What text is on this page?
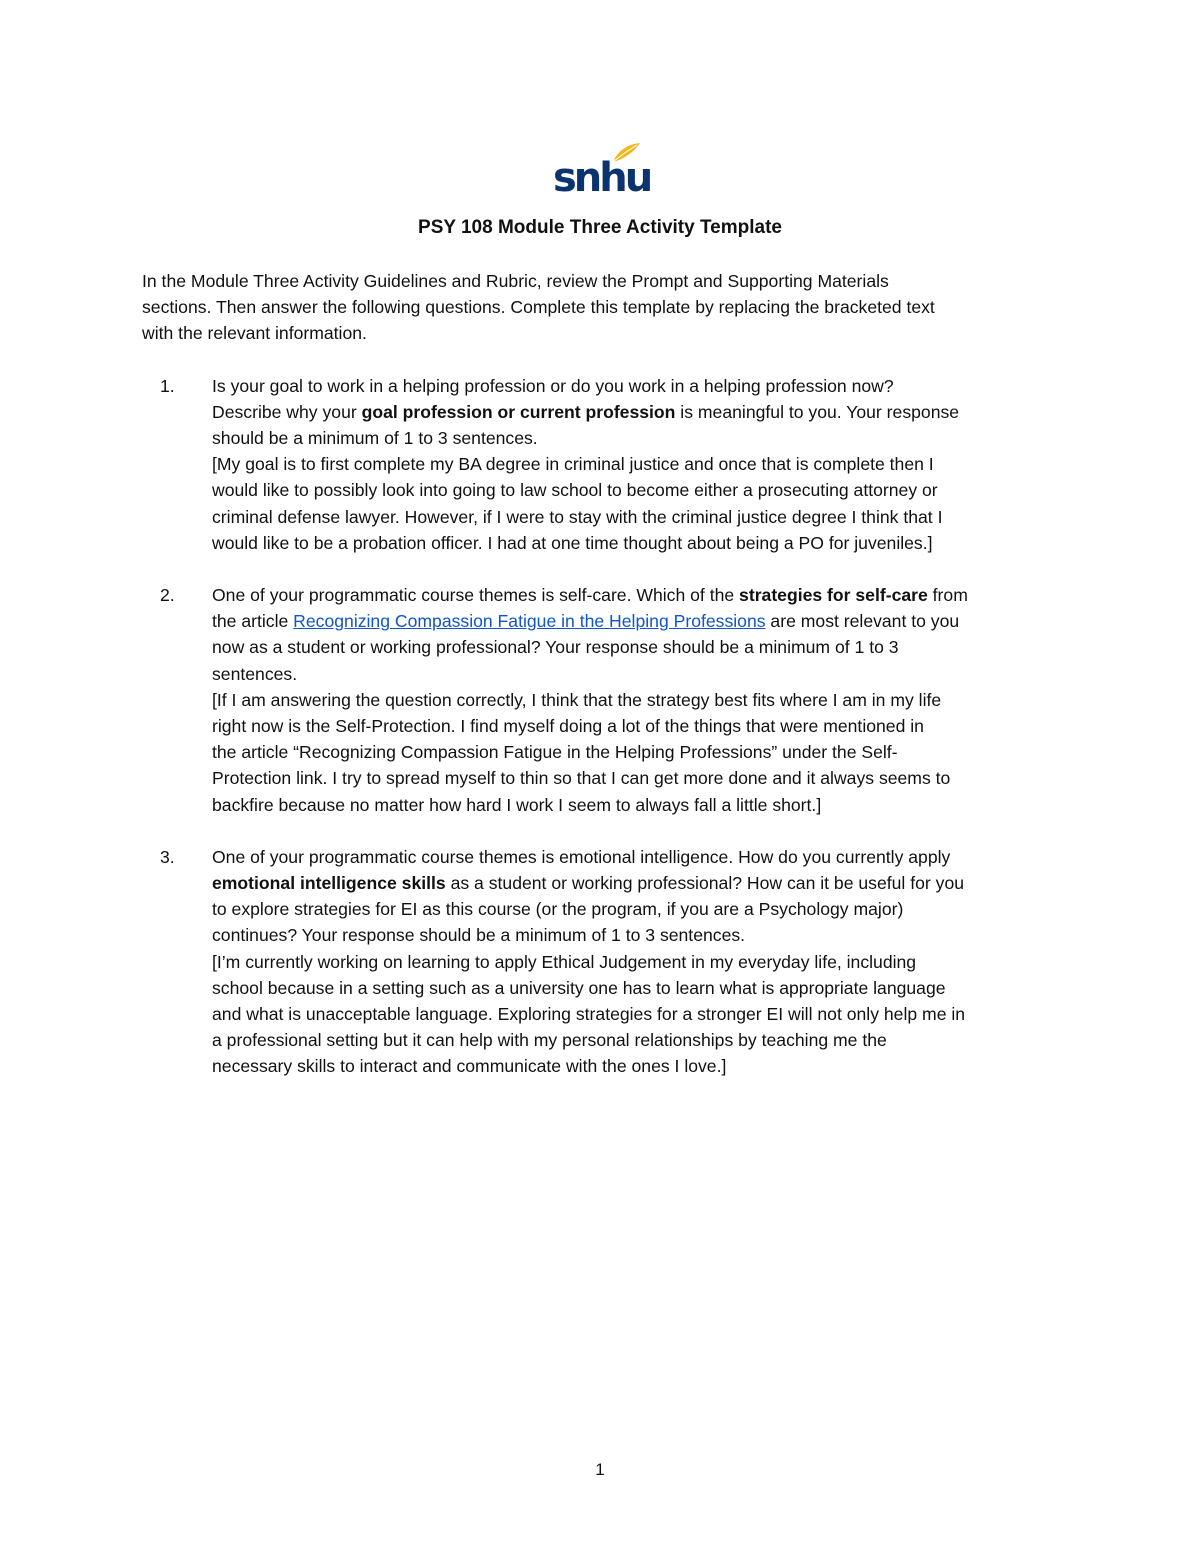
snhu
PSY 108 Module Three Activity Template

In the Module Three Activity Guidelines and Rubric, review the Prompt and Supporting Materials
sections. Then answer the following questions. Complete this template by replacing the bracketed text
with the relevant information.

1. Is your goal to work in a helping profession or do you work in a helping profession now?
Describe why your goal profession or current profession is meaningful to you. Your response
should be a minimum of 1 to 3 sentences.
[My goal is to first complete my BA degree in criminal justice and once that is complete then I
would like to possibly look into going to law school to become either a prosecuting attorney or
criminal defense lawyer. However, if I were to stay with the criminal justice degree I think that I
would like to be a probation officer. I had at one time thought about being a PO for juveniles.]
2. One of your programmatic course themes is self-care. Which of the strategies for self-care from
the article Recognizing Compassion Fatigue in the Helping Professions are most relevant to you
now as a student or working professional? Your response should be a minimum of 1 to 3
sentences.
[If I am answering the question correctly, I think that the strategy best fits where I am in my life
right now is the Self-Protection. I find myself doing a lot of the things that were mentioned in
the article “Recognizing Compassion Fatigue in the Helping Professions” under the Self-
Protection link. I try to spread myself to thin so that I can get more done and it always seems to
backfire because no matter how hard I work I seem to always fall a little short.]
3. One of your programmatic course themes is emotional intelligence. How do you currently apply
emotional intelligence skills as a student or working professional? How can it be useful for you
to explore strategies for EI as this course (or the program, if you are a Psychology major)
continues? Your response should be a minimum of 1 to 3 sentences.
[I’m currently working on learning to apply Ethical Judgement in my everyday life, including
school because in a setting such as a university one has to learn what is appropriate language
and what is unacceptable language. Exploring strategies for a stronger EI will not only help me in
a professional setting but it can help with my personal relationships by teaching me the
necessary skills to interact and communicate with the ones I love.]
1
